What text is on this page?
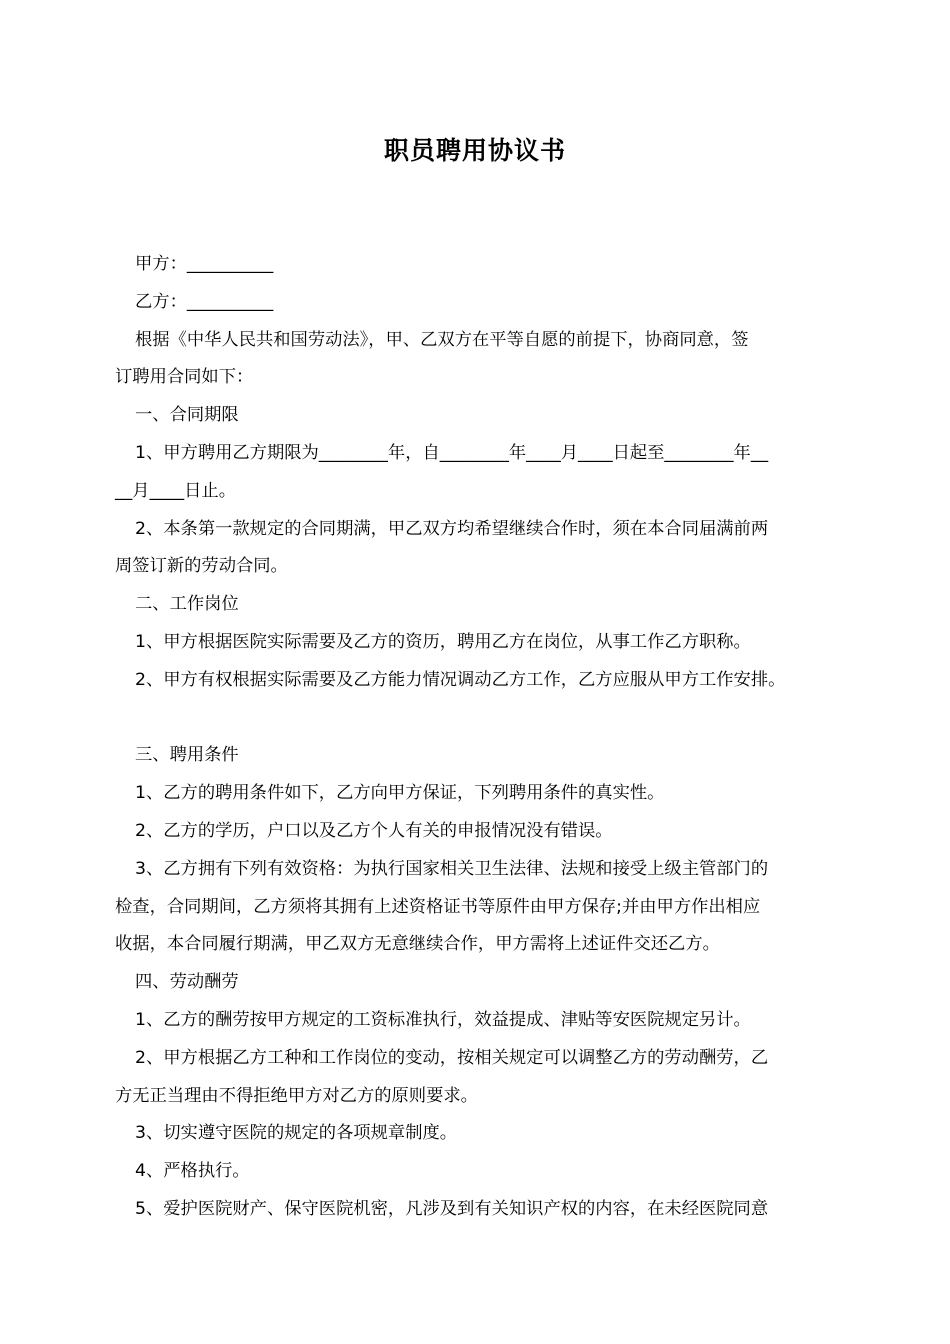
职员聘用协议书

甲方：__________

乙方：__________

根据《中华人民共和国劳动法》，甲、乙双方在平等自愿的前提下，协商同意，签

订聘用合同如下：

一、合同期限

1、甲方聘用乙方期限为________年，自________年____月____日起至________年__

__月____日止。

2、本条第一款规定的合同期满，甲乙双方均希望继续合作时，须在本合同届满前两

周签订新的劳动合同。

二、工作岗位

1、甲方根据医院实际需要及乙方的资历，聘用乙方在岗位，从事工作乙方职称。

2、甲方有权根据实际需要及乙方能力情况调动乙方工作，乙方应服从甲方工作安排。

三、聘用条件

1、乙方的聘用条件如下，乙方向甲方保证，下列聘用条件的真实性。

2、乙方的学历，户口以及乙方个人有关的申报情况没有错误。

3、乙方拥有下列有效资格：为执行国家相关卫生法律、法规和接受上级主管部门的

检查，合同期间，乙方须将其拥有上述资格证书等原件由甲方保存;并由甲方作出相应

收据，本合同履行期满，甲乙双方无意继续合作，甲方需将上述证件交还乙方。

四、劳动酬劳

1、乙方的酬劳按甲方规定的工资标准执行，效益提成、津贴等安医院规定另计。

2、甲方根据乙方工种和工作岗位的变动，按相关规定可以调整乙方的劳动酬劳，乙

方无正当理由不得拒绝甲方对乙方的原则要求。

3、切实遵守医院的规定的各项规章制度。

4、严格执行。

5、爱护医院财产、保守医院机密，凡涉及到有关知识产权的内容，在未经医院同意
